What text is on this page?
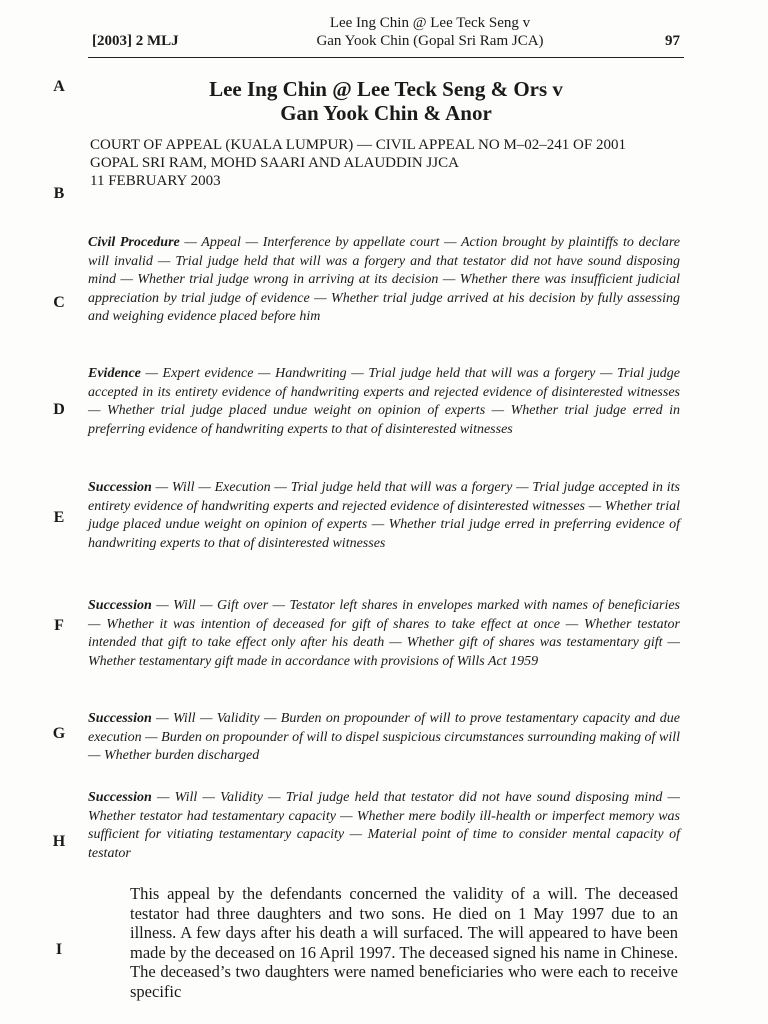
[2003] 2 MLJ
Lee Ing Chin @ Lee Teck Seng v
Gan Yook Chin (Gopal Sri Ram JCA)	97
A
B
C
D
E
F
G
H
I
Lee Ing Chin @ Lee Teck Seng & Ors v
Gan Yook Chin & Anor
COURT OF APPEAL (KUALA LUMPUR) — CIVIL APPEAL NO M–02–241 OF 2001
GOPAL SRI RAM, MOHD SAARI AND ALAUDDIN JJCA
11 FEBRUARY 2003
Civil Procedure — Appeal — Interference by appellate court — Action brought by plaintiffs to declare will invalid — Trial judge held that will was a forgery and that testator did not have sound disposing mind — Whether trial judge wrong in arriving at its decision — Whether there was insufficient judicial appreciation by trial judge of evidence — Whether trial judge arrived at his decision by fully assessing and weighing evidence placed before him
Evidence — Expert evidence — Handwriting — Trial judge held that will was a forgery — Trial judge accepted in its entirety evidence of handwriting experts and rejected evidence of disinterested witnesses — Whether trial judge placed undue weight on opinion of experts — Whether trial judge erred in preferring evidence of handwriting experts to that of disinterested witnesses
Succession — Will — Execution — Trial judge held that will was a forgery — Trial judge accepted in its entirety evidence of handwriting experts and rejected evidence of disinterested witnesses — Whether trial judge placed undue weight on opinion of experts — Whether trial judge erred in preferring evidence of handwriting experts to that of disinterested witnesses
Succession — Will — Gift over — Testator left shares in envelopes marked with names of beneficiaries — Whether it was intention of deceased for gift of shares to take effect at once — Whether testator intended that gift to take effect only after his death — Whether gift of shares was testamentary gift — Whether testamentary gift made in accordance with provisions of Wills Act 1959
Succession — Will — Validity — Burden on propounder of will to prove testamentary capacity and due execution — Burden on propounder of will to dispel suspicious circumstances surrounding making of will — Whether burden discharged
Succession — Will — Validity — Trial judge held that testator did not have sound disposing mind — Whether testator had testamentary capacity — Whether mere bodily ill-health or imperfect memory was sufficient for vitiating testamentary capacity — Material point of time to consider mental capacity of testator
This appeal by the defendants concerned the validity of a will. The deceased testator had three daughters and two sons. He died on 1 May 1997 due to an illness. A few days after his death a will surfaced. The will appeared to have been made by the deceased on 16 April 1997. The deceased signed his name in Chinese. The deceased’s two daughters were named beneficiaries who were each to receive specific
